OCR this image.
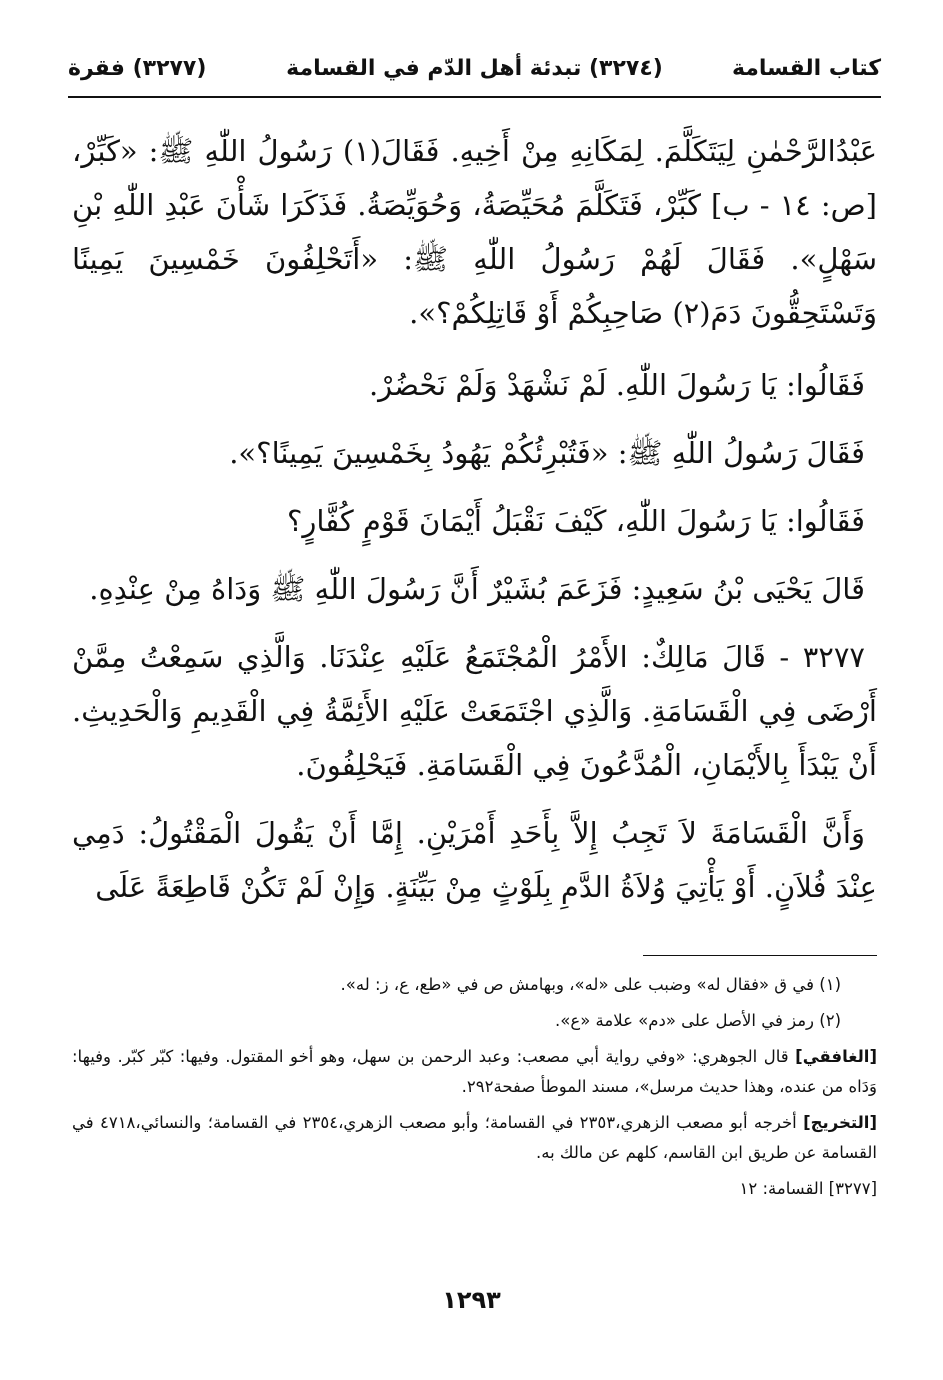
كتاب القسامة
(٣٢٧٤) تبدئة أهل الدّم في القسامة
(٣٢٧٧) فقرة

عَبْدُالرَّحْمٰنِ لِيَتَكَلَّمَ. لِمَكَانِهِ مِنْ أَخِيهِ. فَقَالَ(١) رَسُولُ اللّٰهِ ﷺ: «كَبِّرْ، [ص: ١٤ - ب] كَبِّرْ، فَتَكَلَّمَ مُحَيِّصَةُ، وَحُوَيِّصَةُ. فَذَكَرَا شَأْنَ عَبْدِ اللّٰهِ بْنِ سَهْلٍ». فَقَالَ لَهُمْ رَسُولُ اللّٰهِ ﷺ: «أَتَحْلِفُونَ خَمْسِينَ يَمِينًا وَتَسْتَحِقُّونَ دَمَ(٢) صَاحِبِكُمْ أَوْ قَاتِلِكُمْ؟».

فَقَالُوا: يَا رَسُولَ اللّٰهِ. لَمْ نَشْهَدْ وَلَمْ نَحْضُرْ.

فَقَالَ رَسُولُ اللّٰهِ ﷺ: «فَتُبْرِئُكُمْ يَهُودُ بِخَمْسِينَ يَمِينًا؟».

فَقَالُوا: يَا رَسُولَ اللّٰهِ، كَيْفَ نَقْبَلُ أَيْمَانَ قَوْمٍ كُفَّارٍ؟

قَالَ يَحْيَى بْنُ سَعِيدٍ: فَزَعَمَ بُشَيْرٌ أَنَّ رَسُولَ اللّٰهِ ﷺ وَدَاهُ مِنْ عِنْدِهِ.

٣٢٧٧ - قَالَ مَالِكٌ: الأَمْرُ الْمُجْتَمَعُ عَلَيْهِ عِنْدَنَا. وَالَّذِي سَمِعْتُ مِمَّنْ أَرْضَى فِي الْقَسَامَةِ. وَالَّذِي اجْتَمَعَتْ عَلَيْهِ الأَئِمَّةُ فِي الْقَدِيمِ وَالْحَدِيثِ. أَنْ يَبْدَأَ بِالأَيْمَانِ، الْمُدَّعُونَ فِي الْقَسَامَةِ. فَيَحْلِفُونَ.

وَأَنَّ الْقَسَامَةَ لاَ تَجِبُ إِلاَّ بِأَحَدِ أَمْرَيْنِ. إِمَّا أَنْ يَقُولَ الْمَقْتُولُ: دَمِي عِنْدَ فُلاَنٍ. أَوْ يَأْتِيَ وُلاَةُ الدَّمِ بِلَوْثٍ مِنْ بَيِّنَةٍ. وَإِنْ لَمْ تَكُنْ قَاطِعَةً عَلَى

(١) في ق «فقال له» وضبب على «له»، وبهامش ص في «طع، ع، ز: له».

(٢) رمز في الأصل على «دم» علامة «ع».

[الغافقي] قال الجوهري: «وفي رواية أبي مصعب: وعبد الرحمن بن سهل، وهو أخو المقتول. وفيها: كبّر كبّر. وفيها: وَدَاه من عنده، وهذا حديث مرسل»، مسند الموطأ صفحة٢٩٢.

[التخريج] أخرجه أبو مصعب الزهري،٢٣٥٣ في القسامة؛ وأبو مصعب الزهري،٢٣٥٤ في القسامة؛ والنسائي،٤٧١٨ في القسامة عن طريق ابن القاسم، كلهم عن مالك به.

[٣٢٧٧] القسامة: ١٢

١٢٩٣
